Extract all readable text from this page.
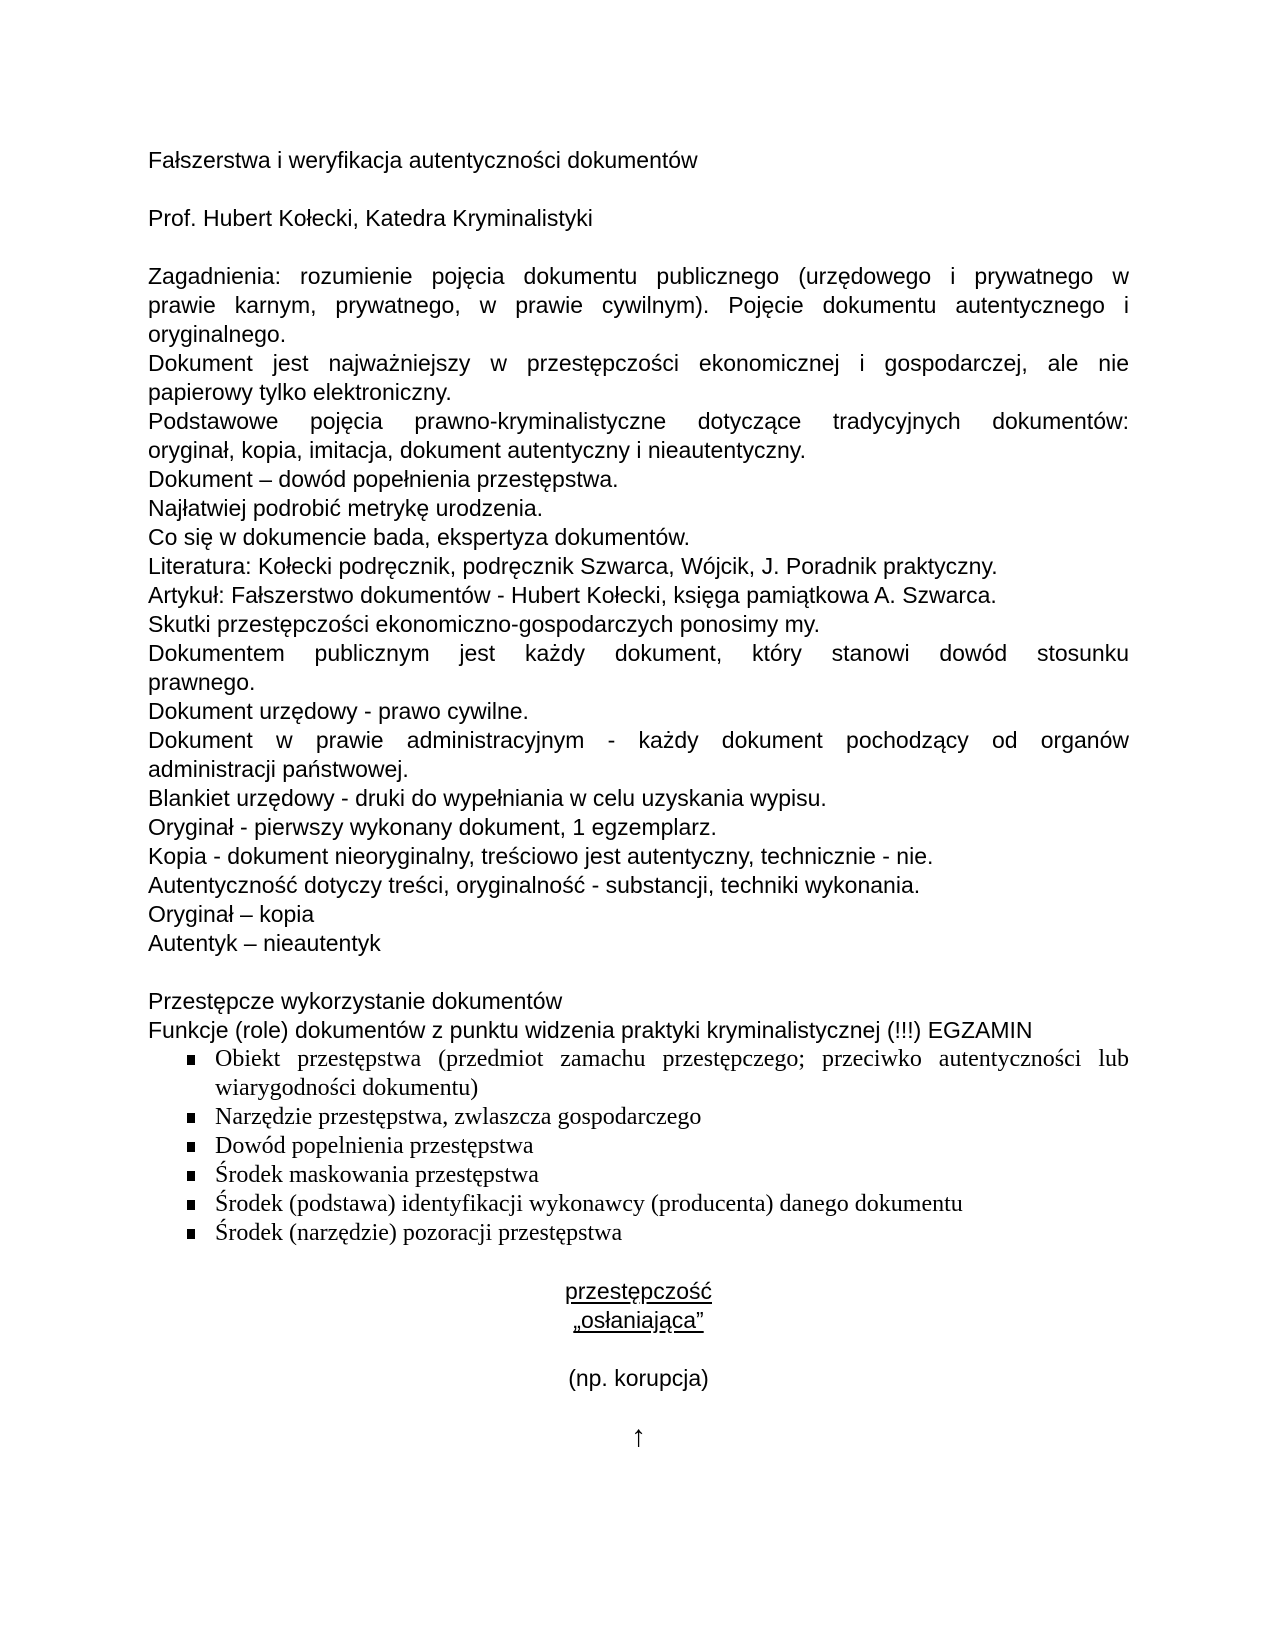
Fałszerstwa i weryfikacja autentyczności dokumentów
Prof. Hubert Kołecki, Katedra Kryminalistyki
Zagadnienia: rozumienie pojęcia dokumentu publicznego (urzędowego i prywatnego w
prawie karnym, prywatnego, w prawie cywilnym). Pojęcie dokumentu autentycznego i
oryginalnego.
Dokument jest najważniejszy w przestępczości ekonomicznej i gospodarczej, ale nie
papierowy tylko elektroniczny.
Podstawowe pojęcia prawno-kryminalistyczne dotyczące tradycyjnych dokumentów:
oryginał, kopia, imitacja, dokument autentyczny i nieautentyczny.
Dokument – dowód popełnienia przestępstwa.
Najłatwiej podrobić metrykę urodzenia.
Co się w dokumencie bada, ekspertyza dokumentów.
Literatura: Kołecki podręcznik, podręcznik Szwarca, Wójcik, J. Poradnik praktyczny.
Artykuł: Fałszerstwo dokumentów - Hubert Kołecki, księga pamiątkowa A. Szwarca.
Skutki przestępczości ekonomiczno-gospodarczych ponosimy my.
Dokumentem publicznym jest każdy dokument, który stanowi dowód stosunku
prawnego.
Dokument urzędowy - prawo cywilne.
Dokument w prawie administracyjnym - każdy dokument pochodzący od organów
administracji państwowej.
Blankiet urzędowy - druki do wypełniania w celu uzyskania wypisu.
Oryginał - pierwszy wykonany dokument, 1 egzemplarz.
Kopia - dokument nieoryginalny, treściowo jest autentyczny, technicznie - nie.
Autentyczność dotyczy treści, oryginalność - substancji, techniki wykonania.
Oryginał – kopia
Autentyk – nieautentyk
Przestępcze wykorzystanie dokumentów
Funkcje (role) dokumentów z punktu widzenia praktyki kryminalistycznej (!!!) EGZAMIN
Obiekt przestępstwa (przedmiot zamachu przestępczego; przeciwko autentyczności lub
wiarygodności dokumentu)
Narzędzie przestępstwa, zwlaszcza gospodarczego
Dowód popelnienia przestępstwa
Środek maskowania przestępstwa
Środek (podstawa) identyfikacji wykonawcy (producenta) danego dokumentu
Środek (narzędzie) pozoracji przestępstwa
przestępczość
„osłaniająca”
(np. korupcja)
↑
